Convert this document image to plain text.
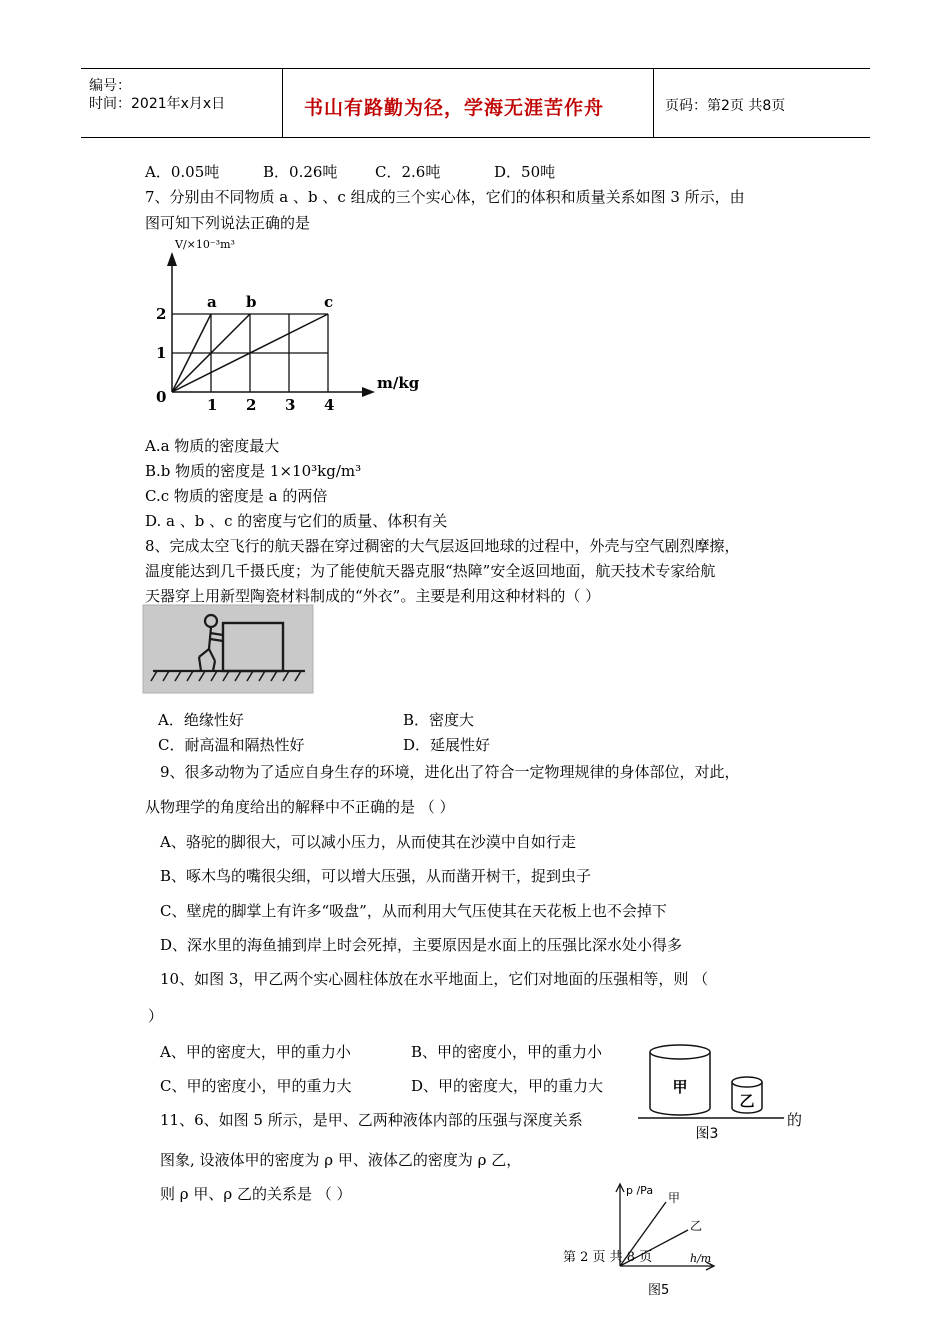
编号：
时间：2021年x月x日	书山有路勤为径，学海无涯苦作舟	页码：第2页 共8页
A．0.05吨	B．0.26吨	C．2.6吨	D．50吨
7、分别由不同物质 a 、b 、c 组成的三个实心体，它们的体积和质量关系如图 3 所示，由
图可知下列说法正确的是
a b	c
1 2 3 4
1
2
0
V/×10⁻³m³
m/kg
A.a 物质的密度最大
B.b 物质的密度是 1×10³kg/m³
C.c 物质的密度是 a 的两倍
D. a 、b 、c 的密度与它们的质量、体积有关
8、完成太空飞行的航天器在穿过稠密的大气层返回地球的过程中，外壳与空气剧烈摩擦，
温度能达到几千摄氏度；为了能使航天器克服“热障”安全返回地面，航天技术专家给航
天器穿上用新型陶瓷材料制成的“外衣”。主要是利用这种材料的（ ）
A．绝缘性好	B．密度大
C．耐高温和隔热性好	D．延展性好
9、很多动物为了适应自身生存的环境，进化出了符合一定物理规律的身体部位，对此，
从物理学的角度给出的解释中不正确的是 （ ）
A、骆驼的脚很大，可以减小压力，从而使其在沙漠中自如行走
B、啄木鸟的嘴很尖细，可以增大压强，从而凿开树干，捉到虫子
C、壁虎的脚掌上有许多“吸盘”，从而利用大气压使其在天花板上也不会掉下
D、深水里的海鱼捕到岸上时会死掉，主要原因是水面上的压强比深水处小得多
10、如图 3，甲乙两个实心圆柱体放在水平地面上，它们对地面的压强相等，则 （
）
A、甲的密度大，甲的重力小	B、甲的密度小，甲的重力小
C、甲的密度小，甲的重力大	D、甲的密度大，甲的重力大	甲
乙
图3
11、6、如图 5 所示，是甲、乙两种液体内部的压强与深度关系	的
图象, 设液体甲的密度为 ρ 甲、液体乙的密度为 ρ 乙，
则 ρ 甲、ρ 乙的关系是 （ ）	p /Pa
甲
乙
h/m
图5
第 2 页 共 8 页
